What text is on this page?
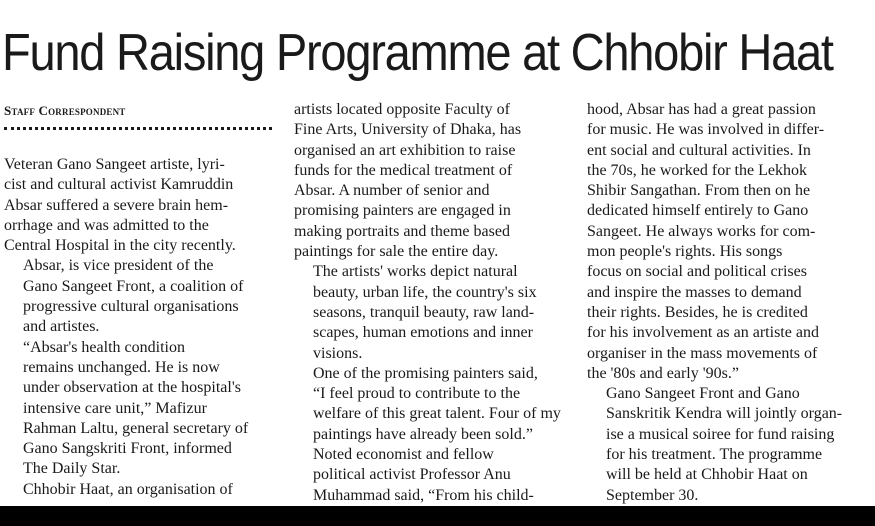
Fund Raising Programme at Chhobir Haat
Staff Correspondent

Veteran Gano Sangeet artiste, lyri-
cist and cultural activist Kamruddin
Absar suffered a severe brain hem-
orrhage and was admitted to the
Central Hospital in the city recently.

Absar, is vice president of the
Gano Sangeet Front, a coalition of
progressive cultural organisations
and artistes.

“Absar's health condition
remains unchanged. He is now
under observation at the hospital's
intensive care unit,” Mafizur
Rahman Laltu, general secretary of
Gano Sangskriti Front, informed
The Daily Star.

Chhobir Haat, an organisation of

artists located opposite Faculty of
Fine Arts, University of Dhaka, has
organised an art exhibition to raise
funds for the medical treatment of
Absar. A number of senior and
promising painters are engaged in
making portraits and theme based
paintings for sale the entire day.

The artists' works depict natural
beauty, urban life, the country's six
seasons, tranquil beauty, raw land-
scapes, human emotions and inner
visions.

One of the promising painters said,
“I feel proud to contribute to the
welfare of this great talent. Four of my
paintings have already been sold.”

Noted economist and fellow
political activist Professor Anu
Muhammad said, “From his child-

hood, Absar has had a great passion
for music. He was involved in differ-
ent social and cultural activities. In
the 70s, he worked for the Lekhok
Shibir Sangathan. From then on he
dedicated himself entirely to Gano
Sangeet. He always works for com-
mon people's rights. His songs
focus on social and political crises
and inspire the masses to demand
their rights. Besides, he is credited
for his involvement as an artiste and
organiser in the mass movements of
the '80s and early '90s.”

Gano Sangeet Front and Gano
Sanskritik Kendra will jointly organ-
ise a musical soiree for fund raising
for his treatment. The programme
will be held at Chhobir Haat on
September 30.
